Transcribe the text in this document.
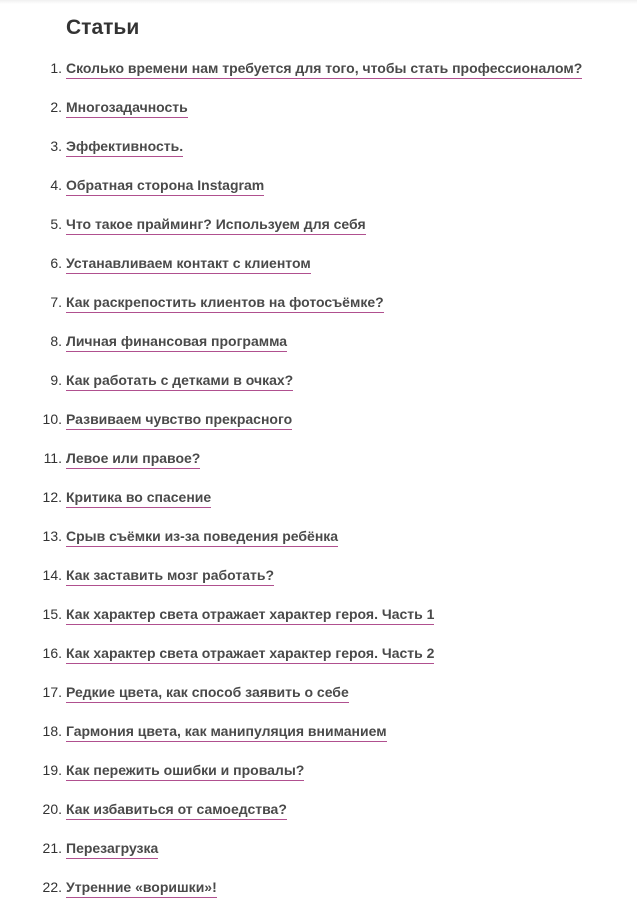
Статьи
1. Сколько времени нам требуется для того, чтобы стать профессионалом?
2. Многозадачность
3. Эффективность.
4. Обратная сторона Instagram
5. Что такое прайминг? Используем для себя
6. Устанавливаем контакт с клиентом
7. Как раскрепостить клиентов на фотосъёмке?
8. Личная финансовая программа
9. Как работать с детками в очках?
10. Развиваем чувство прекрасного
11. Левое или правое?
12. Критика во спасение
13. Срыв съёмки из-за поведения ребёнка
14. Как заставить мозг работать?
15. Как характер света отражает характер героя. Часть 1
16. Как характер света отражает характер героя. Часть 2
17. Редкие цвета, как способ заявить о себе
18. Гармония цвета, как манипуляция вниманием
19. Как пережить ошибки и провалы?
20. Как избавиться от самоедства?
21. Перезагрузка
22. Утренние «воришки»!
